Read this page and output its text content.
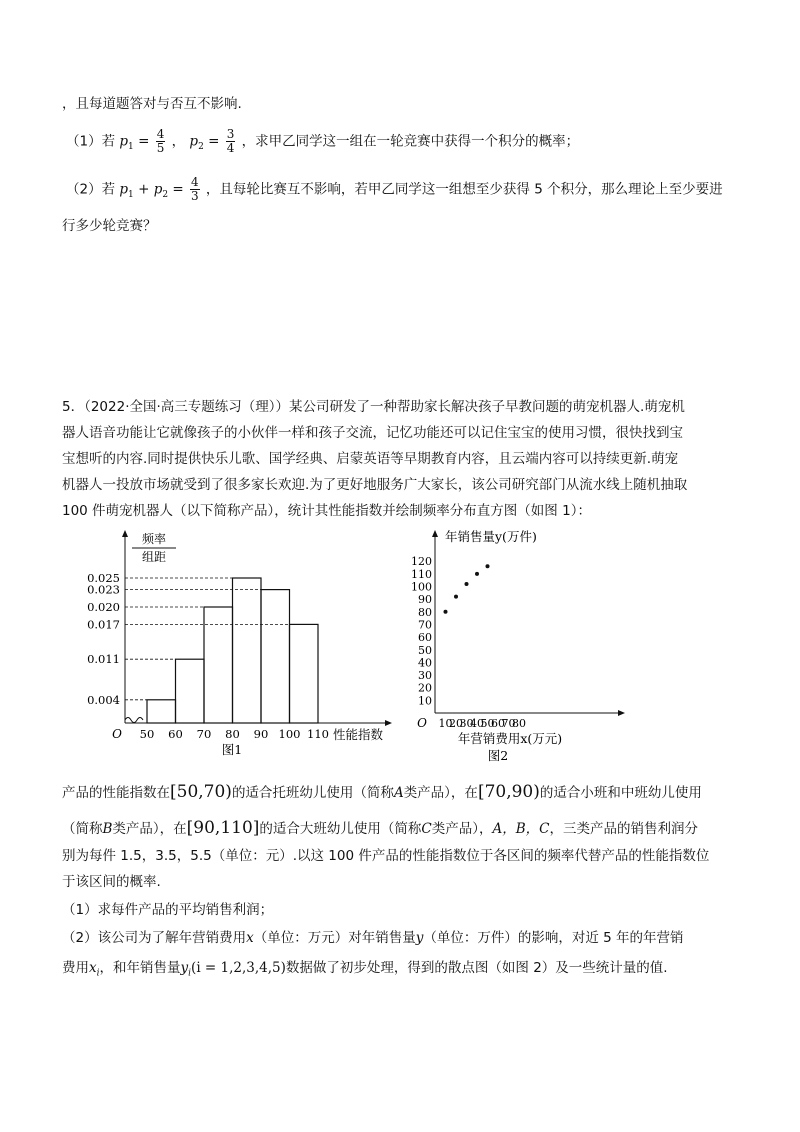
，且每道题答对与否互不影响.
（1）若 $p_1 = \frac{4}{5}$ ， $p_2 = \frac{3}{4}$ ，求甲乙同学这一组在一轮竞赛中获得一个积分的概率；
（2）若 $p_1 + p_2 = \frac{4}{3}$ ，且每轮比赛互不影响，若甲乙同学这一组想至少获得 5 个积分，那么理论上至少要进
行多少轮竞赛？
5．（2022·全国·高三专题练习（理））某公司研发了一种帮助家长解决孩子早教问题的萌宠机器人.萌宠机
器人语音功能让它就像孩子的小伙伴一样和孩子交流，记忆功能还可以记住宝宝的使用习惯，很快找到宝
宝想听的内容.同时提供快乐儿歌、国学经典、启蒙英语等早期教育内容，且云端内容可以持续更新.萌宠
机器人一投放市场就受到了很多家长欢迎.为了更好地服务广大家长，该公司研究部门从流水线上随机抽取
100 件萌宠机器人（以下简称产品），统计其性能指数并绘制频率分布直方图（如图 1）：
频率
组距
0.004
0.011
0.017
0.020
0.023
0.025
50 60 70 80 90 100 110
O	性能指数
图1
年销售量y(万件)
10
20
30
40
50
60
70
80
90
100
110
120
10
20
30
40
50
60
70
80
O
年营销费用x(万元)
图2
产品的性能指数在[50,70)的适合托班幼儿使用（简称A类产品），在[70,90)的适合小班和中班幼儿使用
（简称B类产品），在[90,110]的适合大班幼儿使用（简称C类产品），A，B，C，三类产品的销售利润分
别为每件 1.5，3.5，5.5（单位：元）.以这 100 件产品的性能指数位于各区间的频率代替产品的性能指数位
于该区间的概率.
（1）求每件产品的平均销售利润；
（2）该公司为了解年营销费用x（单位：万元）对年销售量y（单位：万件）的影响，对近 5 年的年营销
费用$x_i$，和年销售量$y_i(i = 1,2,3,4,5)$数据做了初步处理，得到的散点图（如图 2）及一些统计量的值.
